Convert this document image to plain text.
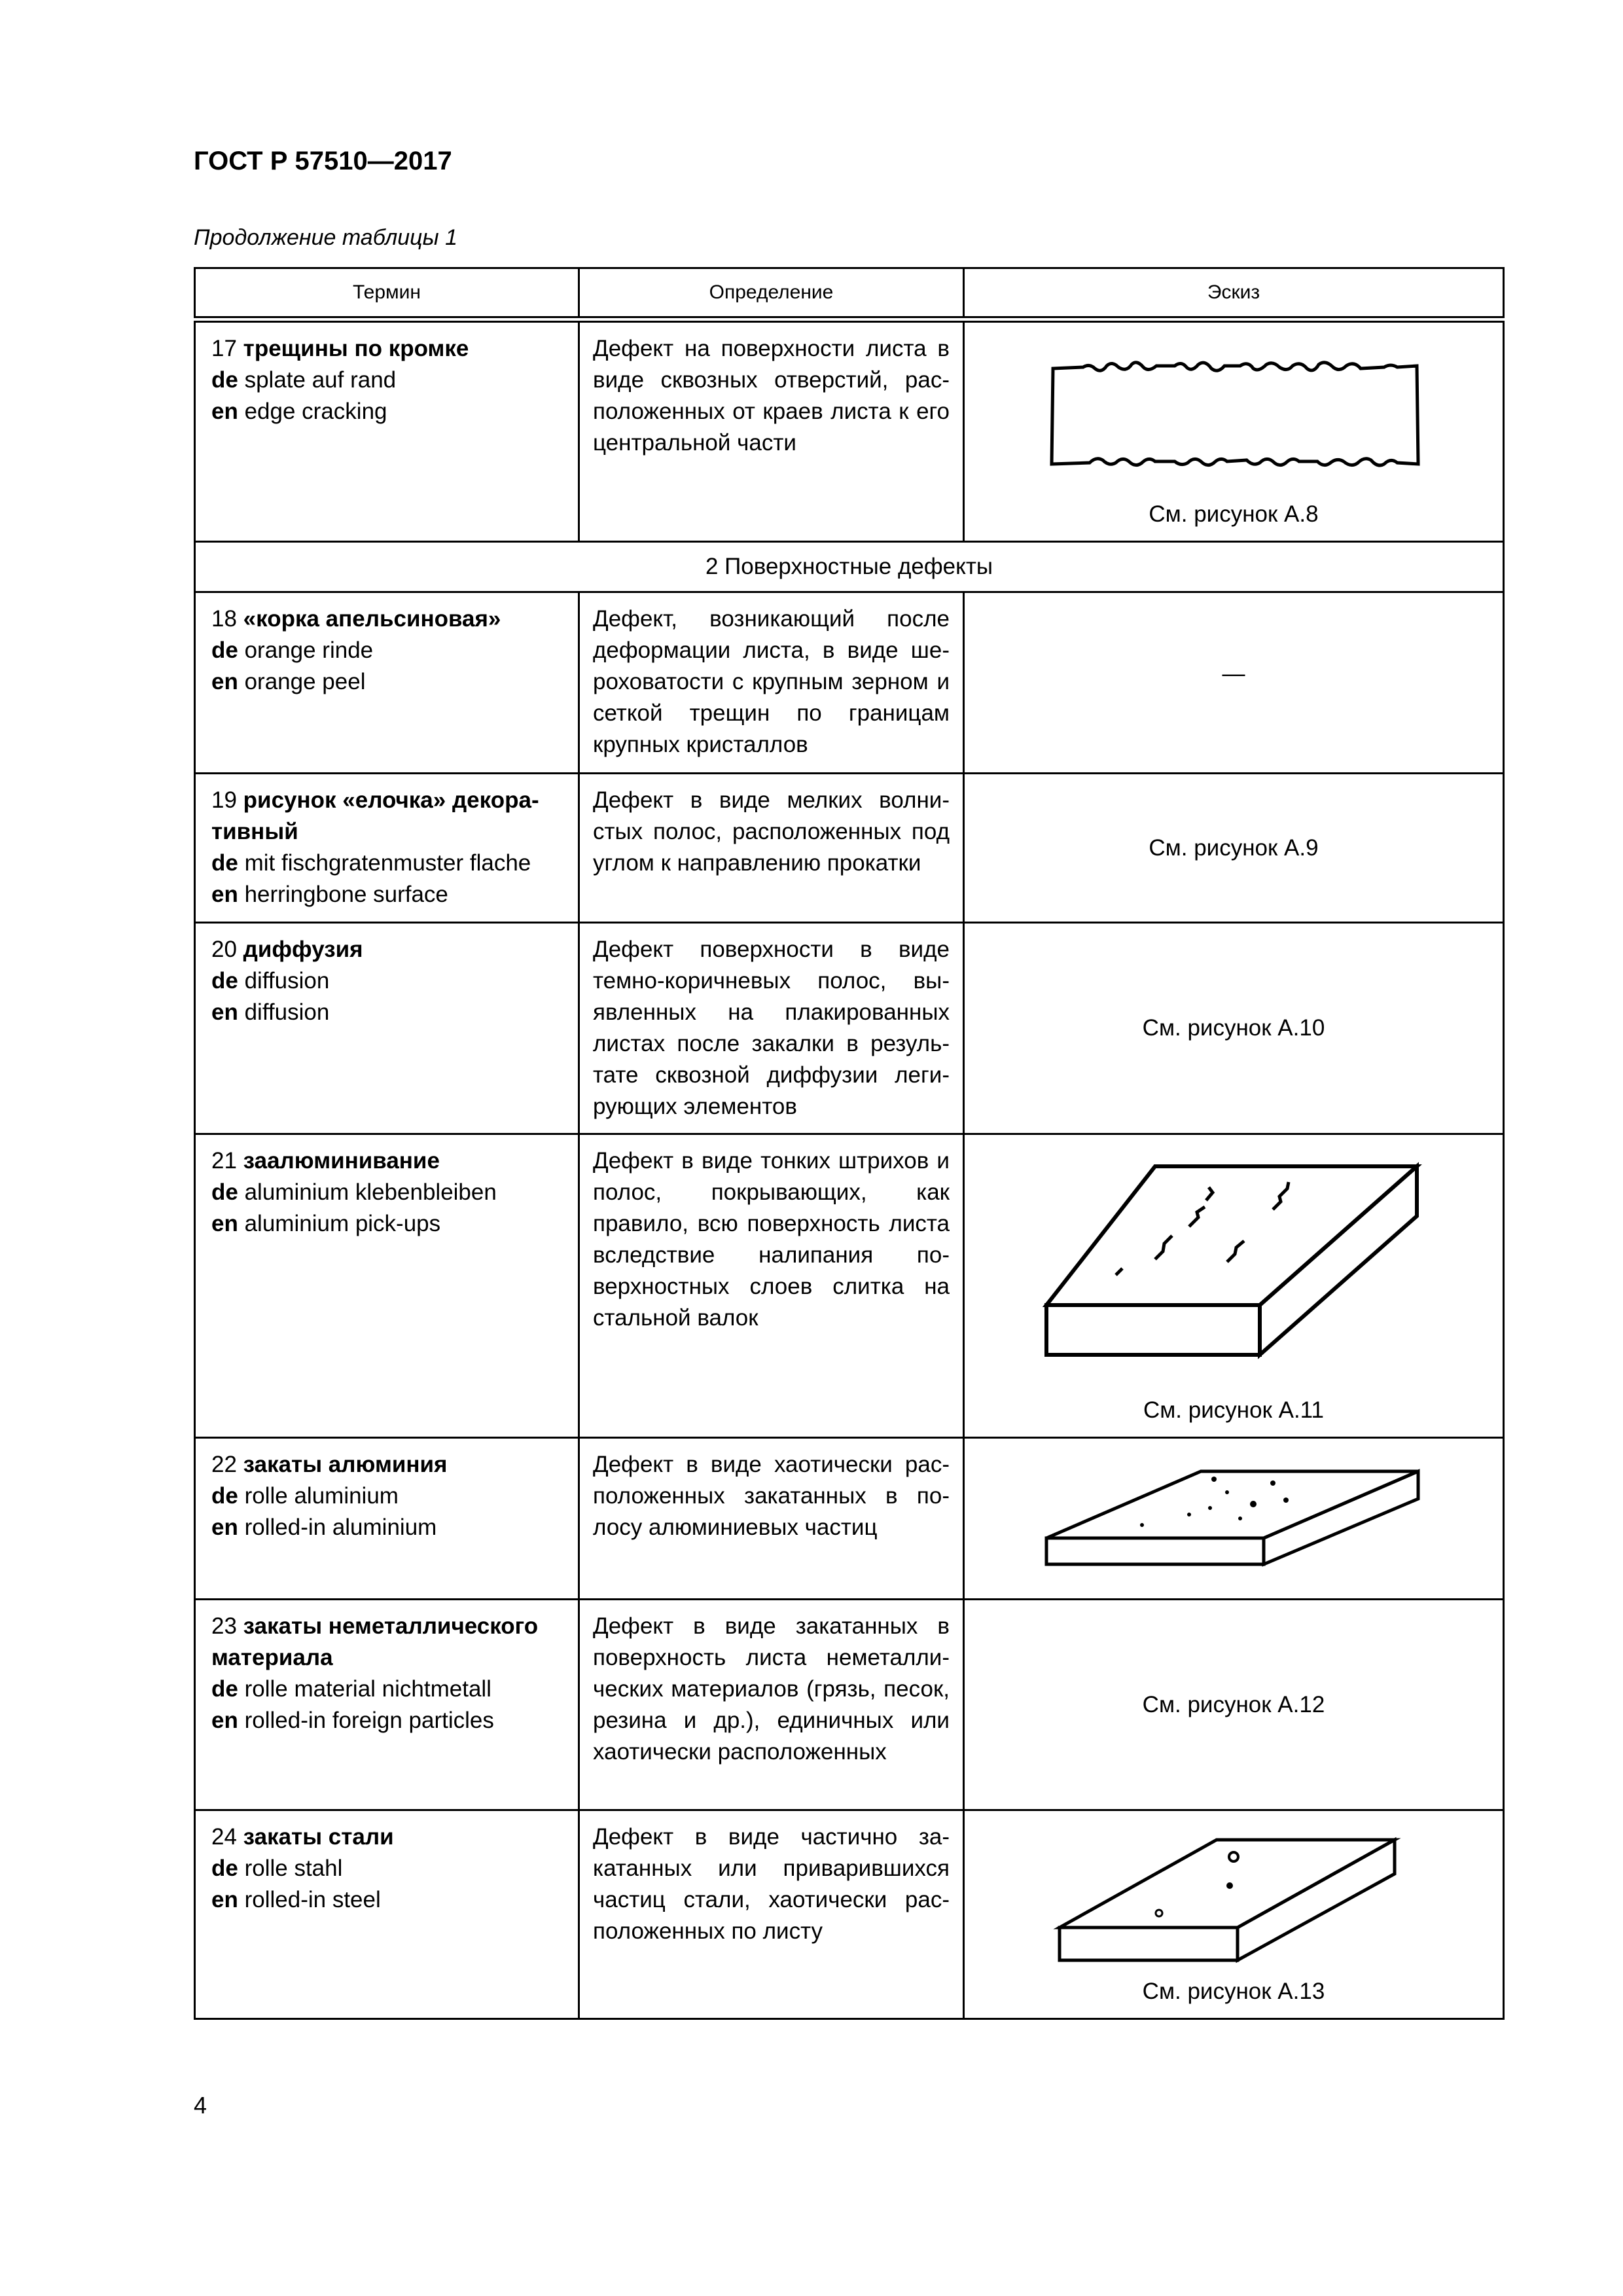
ГОСТ Р 57510—2017
Продолжение таблицы 1
Термин	Определение	Эскиз

17 трещины по кромке
de splate auf rand
en edge cracking	Дефект на поверхности листа в виде сквозных отверстий, расположенных от краев листа к его центральной части	См. рисунок А.8

2 Поверхностные дефекты		

18 «корка апельсиновая»
de orange rinde
en orange peel	Дефект, возникающий после деформации листа, в виде шероховатости с крупным зерном и сеткой трещин по границам крупных кристаллов	—

19 рисунок «елочка» декоративный
de mit fischgratenmuster flache
en herringbone surface	Дефект в виде мелких волнистых полос, расположенных под углом к направлению прокатки	См. рисунок А.9

20 диффузия
de diffusion
en diffusion	Дефект поверхности в виде темно-коричневых полос, выявленных на плакированных листах после закалки в результате сквозной диффузии легирующих элементов	См. рисунок А.10

21 заалюминивание
de aluminium klebenbleiben
en aluminium pick-ups	Дефект в виде тонких штрихов и полос, покрывающих, как правило, всю поверхность листа вследствие налипания поверхностных слоев слитка на стальной валок	См. рисунок А.11

22 закаты алюминия
de rolle aluminium
en rolled-in aluminium	Дефект в виде хаотически расположенных закатанных в полосу алюминиевых частиц	

23 закаты неметаллического материала
de rolle material nichtmetall
en rolled-in foreign particles	Дефект в виде закатанных в поверхность листа неметаллических материалов (грязь, песок, резина и др.), единичных или хаотически расположенных	См. рисунок А.12

24 закаты стали
de rolle stahl
en rolled-in steel	Дефект в виде частично закатанных или приварившихся частиц стали, хаотически расположенных по листу	См. рисунок А.13
4
